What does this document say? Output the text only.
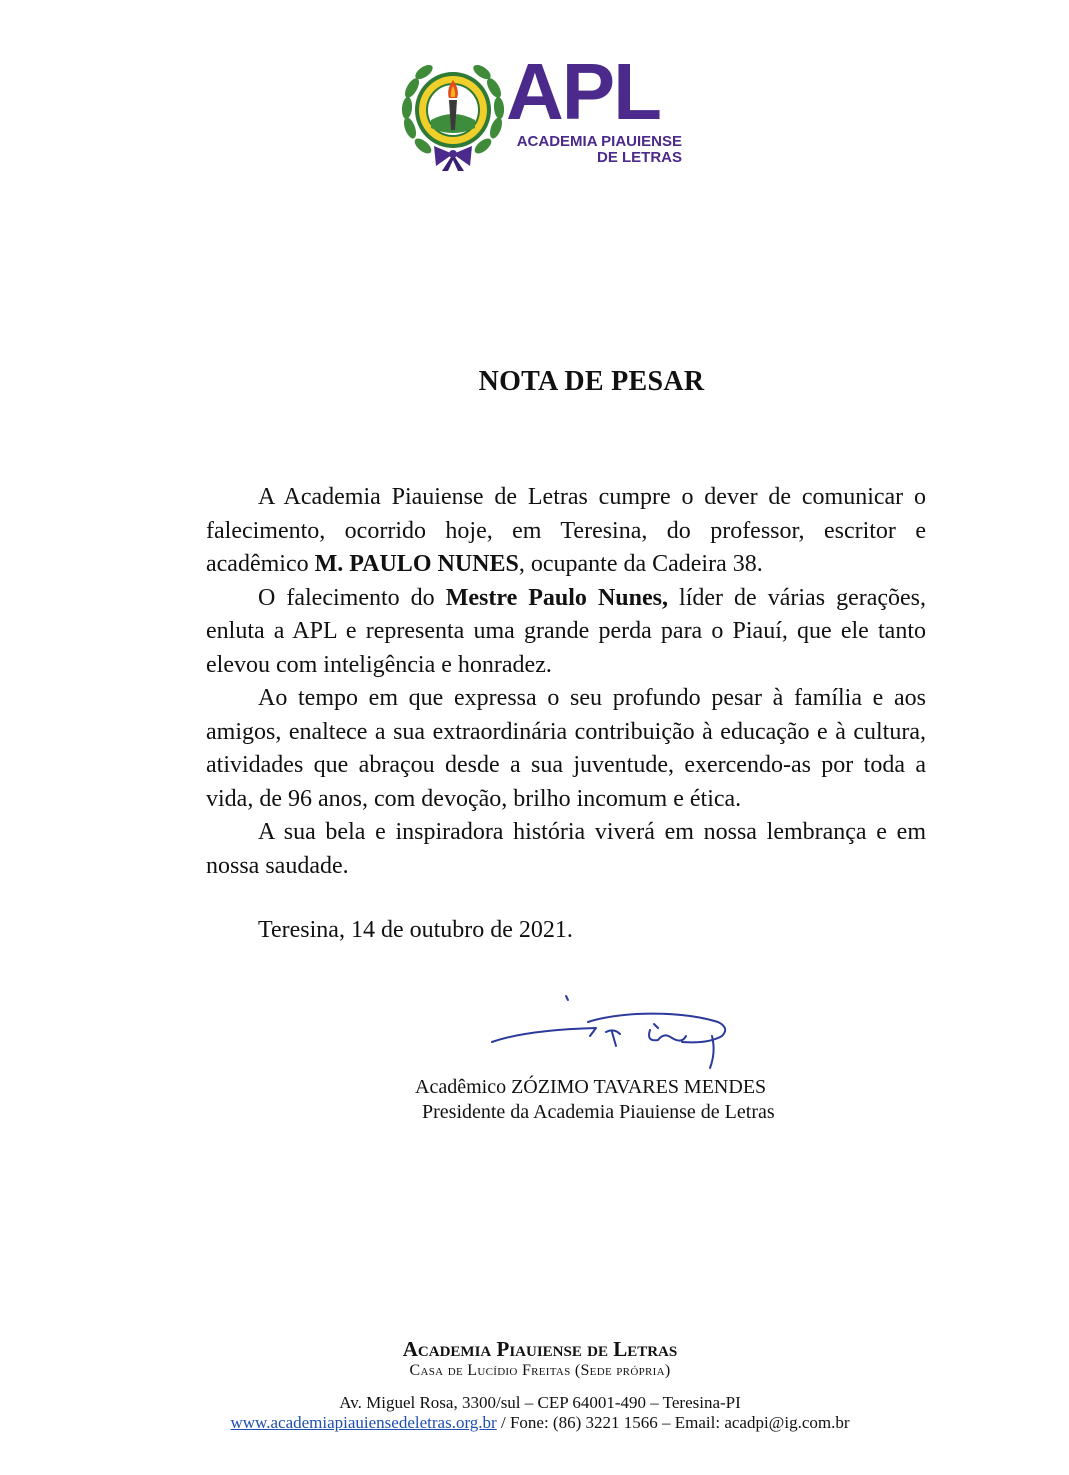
APL
ACADEMIA PIAUIENSE
DE LETRAS
NOTA DE PESAR

A Academia Piauiense de Letras cumpre o dever de comunicar o falecimento, ocorrido hoje, em Teresina, do professor, escritor e acadêmico M. PAULO NUNES, ocupante da Cadeira 38.

O falecimento do Mestre Paulo Nunes, líder de várias gerações, enluta a APL e representa uma grande perda para o Piauí, que ele tanto elevou com inteligência e honradez.

Ao tempo em que expressa o seu profundo pesar à família e aos amigos, enaltece a sua extraordinária contribuição à educação e à cultura, atividades que abraçou desde a sua juventude, exercendo-as por toda a vida, de 96 anos, com devoção, brilho incomum e ética.

A sua bela e inspiradora história viverá em nossa lembrança e em nossa saudade.

Teresina, 14 de outubro de 2021.
Acadêmico ZÓZIMO TAVARES MENDES
Presidente da Academia Piauiense de Letras
Academia Piauiense de Letras
Casa de Lucídio Freitas (Sede própria)
Av. Miguel Rosa, 3300/sul – CEP 64001-490 – Teresina-PI
www.academiapiauiensedeletras.org.br / Fone: (86) 3221 1566 – Email: acadpi@ig.com.br
